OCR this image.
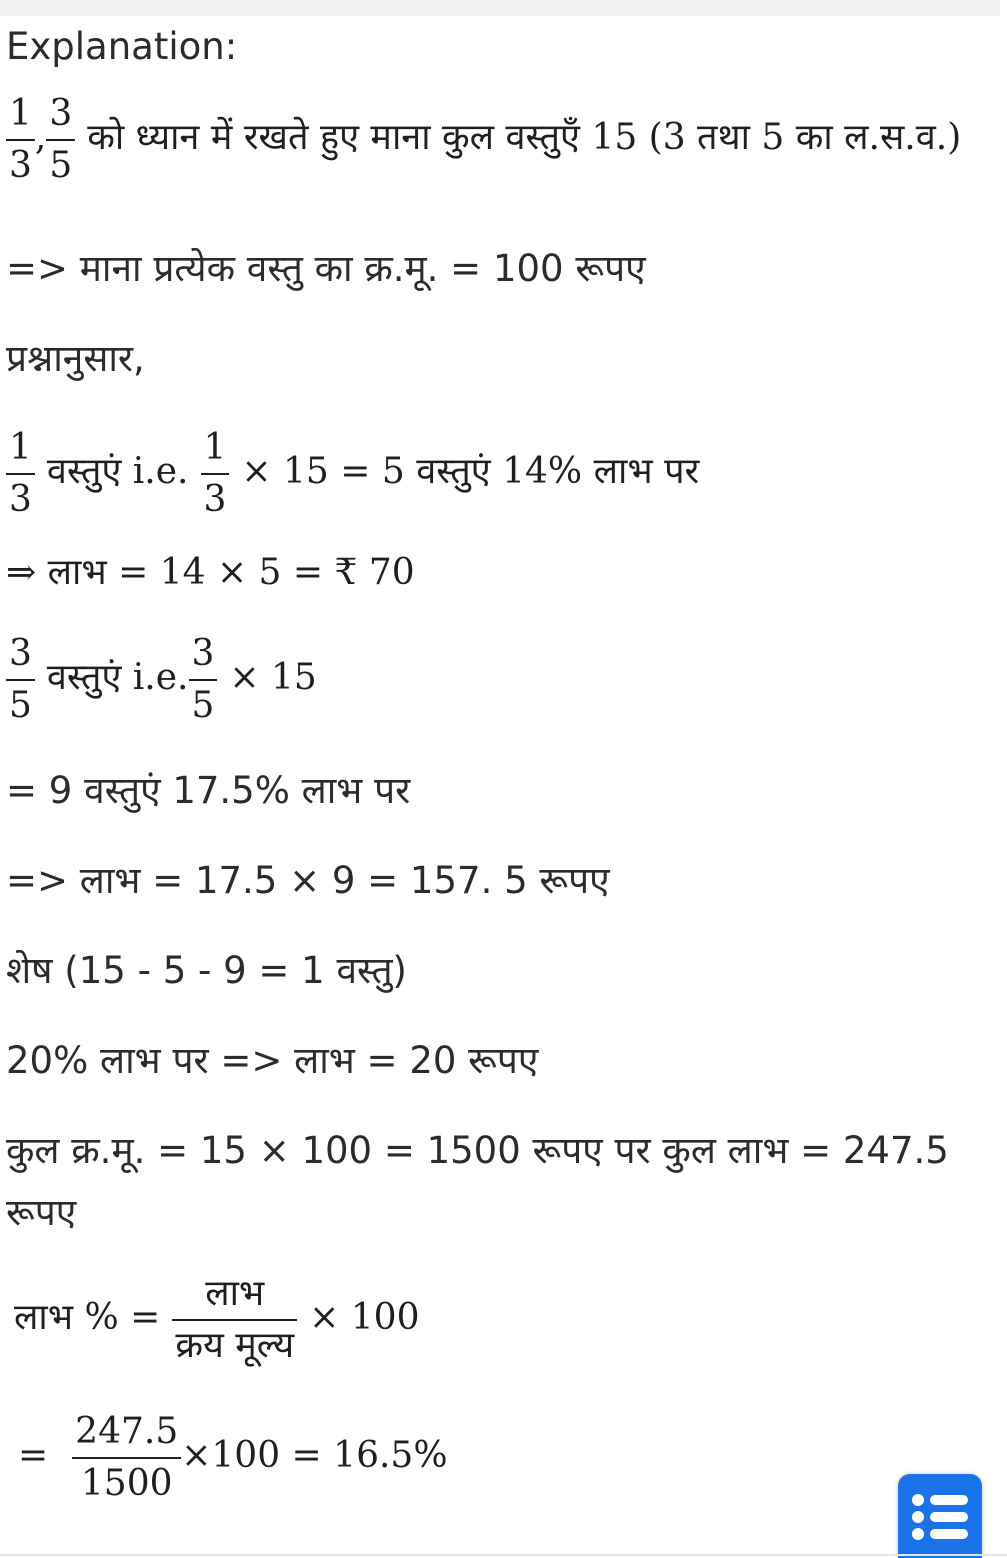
Explanation:
$\frac{1}{3}$ , $\frac{3}{5}$ को ध्यान में रखते हुए माना कुल वस्तुएँ 15 (3 तथा 5 का ल.स.व.)
=> माना प्रत्येक वस्तु का क्र.मू. = 100 रूपए
प्रश्नानुसार,
$\frac{1}{3}$ वस्तुएं i.e. $\frac{1}{3} \times 15 = 5$ वस्तुएं 14% लाभ पर
⇒ लाभ = 14 × 5 = ₹ 70
$\frac{3}{5}$ वस्तुएं i.e. $\frac{3}{5} \times 15$
= 9 वस्तुएं 17.5% लाभ पर
=> लाभ = 17.5 × 9 = 157. 5 रूपए
शेष (15 - 5 - 9 = 1 वस्तु)
20% लाभ पर => लाभ = 20 रूपए
कुल क्र.मू. = 15 × 100 = 1500 रूपए पर कुल लाभ = 247.5
रूपए
लाभ % = $\frac{\text{लाभ}}{\text{क्रय मूल्य}} \times 100$
= $\frac{247.5}{1500} \times 100 = 16.5\%$
